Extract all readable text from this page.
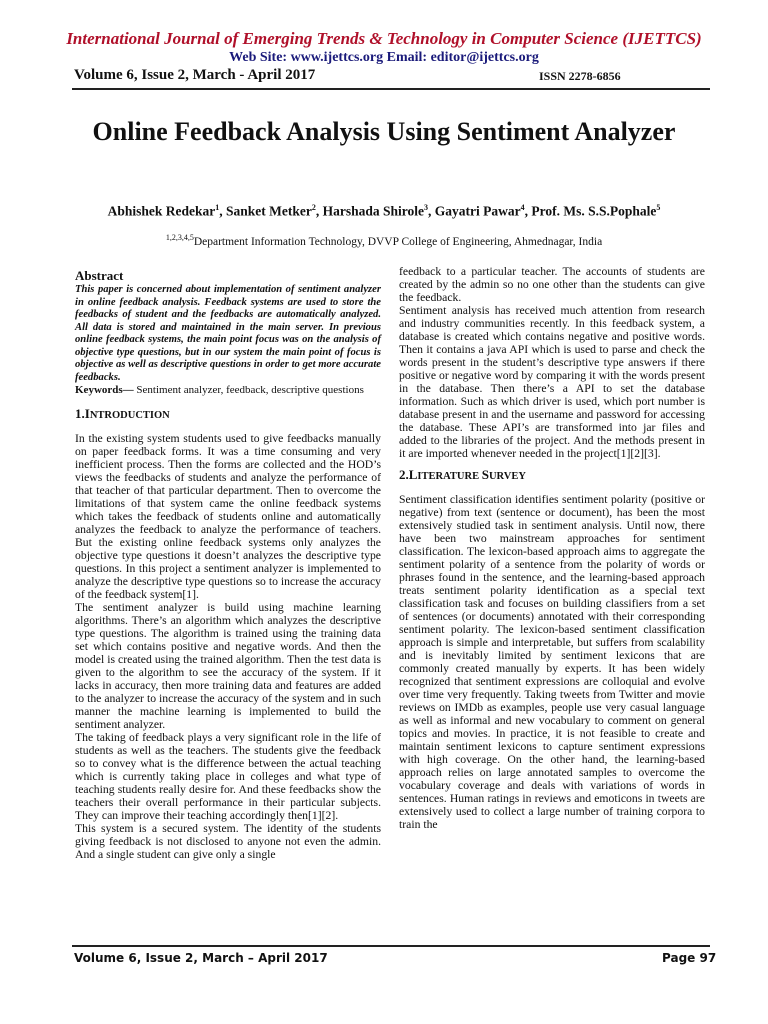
International Journal of Emerging Trends & Technology in Computer Science (IJETTCS)
Web Site: www.ijettcs.org Email: editor@ijettcs.org
Volume 6, Issue 2, March - April 2017	ISSN 2278-6856
Online Feedback Analysis Using Sentiment Analyzer
Abhishek Redekar$^1$, Sanket Metker$^2$, Harshada Shirole$^3$, Gayatri Pawar$^4$, Prof. Ms. S.S.Pophale$^5$
$^{1,2,3,4,5}$Department Information Technology, DVVP College of Engineering, Ahmednagar, India
Abstract

This paper is concerned about implementation of sentiment analyzer in online feedback analysis. Feedback systems are used to store the feedbacks of student and the feedbacks are automatically analyzed. All data is stored and maintained in the main server. In previous online feedback systems, the main point focus was on the analysis of objective type questions, but in our system the main point of focus is objective as well as descriptive questions in order to get more accurate feedbacks.

Keywords— Sentiment analyzer, feedback, descriptive questions

1.INTRODUCTION

In the existing system students used to give feedbacks manually on paper feedback forms. It was a time consuming and very inefficient process. Then the forms are collected and the HOD’s views the feedbacks of students and analyze the performance of that teacher of that particular department. Then to overcome the limitations of that system came the online feedback systems which takes the feedback of students online and automatically analyzes the feedback to analyze the performance of teachers. But the existing online feedback systems only analyzes the objective type questions it doesn’t analyzes the descriptive type questions. In this project a sentiment analyzer is implemented to analyze the descriptive type questions so to increase the accuracy of the feedback system[1].

The sentiment analyzer is build using machine learning algorithms. There’s an algorithm which analyzes the descriptive type questions. The algorithm is trained using the training data set which contains positive and negative words. And then the model is created using the trained algorithm. Then the test data is given to the algorithm to see the accuracy of the system. If it lacks in accuracy, then more training data and features are added to the analyzer to increase the accuracy of the system and in such manner the machine learning is implemented to build the sentiment analyzer.

The taking of feedback plays a very significant role in the life of students as well as the teachers. The students give the feedback so to convey what is the difference between the actual teaching which is currently taking place in colleges and what type of teaching students really desire for. And these feedbacks show the teachers their overall performance in their particular subjects. They can improve their teaching accordingly then[1][2].

This system is a secured system. The identity of the students giving feedback is not disclosed to anyone not even the admin. And a single student can give only a single

feedback to a particular teacher. The accounts of students are created by the admin so no one other than the students can give the feedback.

Sentiment analysis has received much attention from research and industry communities recently. In this feedback system, a database is created which contains negative and positive words. Then it contains a java API which is used to parse and check the words present in the student’s descriptive type answers if there positive or negative word by comparing it with the words present in the database. Then there’s a API to set the database information. Such as which driver is used, which port number is database present in and the username and password for accessing the database. These API’s are transformed into jar files and added to the libraries of the project. And the methods present in it are imported whenever needed in the project[1][2][3].

2.LITERATURE SURVEY

Sentiment classification identifies sentiment polarity (positive or negative) from text (sentence or document), has been the most extensively studied task in sentiment analysis. Until now, there have been two mainstream approaches for sentiment classification. The lexicon-based approach aims to aggregate the sentiment polarity of a sentence from the polarity of words or phrases found in the sentence, and the learning-based approach treats sentiment polarity identification as a special text classification task and focuses on building classifiers from a set of sentences (or documents) annotated with their corresponding sentiment polarity. The lexicon-based sentiment classification approach is simple and interpretable, but suffers from scalability and is inevitably limited by sentiment lexicons that are commonly created manually by experts. It has been widely recognized that sentiment expressions are colloquial and evolve over time very frequently. Taking tweets from Twitter and movie reviews on IMDb as examples, people use very casual language as well as informal and new vocabulary to comment on general topics and movies. In practice, it is not feasible to create and maintain sentiment lexicons to capture sentiment expressions with high coverage. On the other hand, the learning-based approach relies on large annotated samples to overcome the vocabulary coverage and deals with variations of words in sentences. Human ratings in reviews and emoticons in tweets are extensively used to collect a large number of training corpora to train the

Volume 6, Issue 2, March – April 2017	Page 97
